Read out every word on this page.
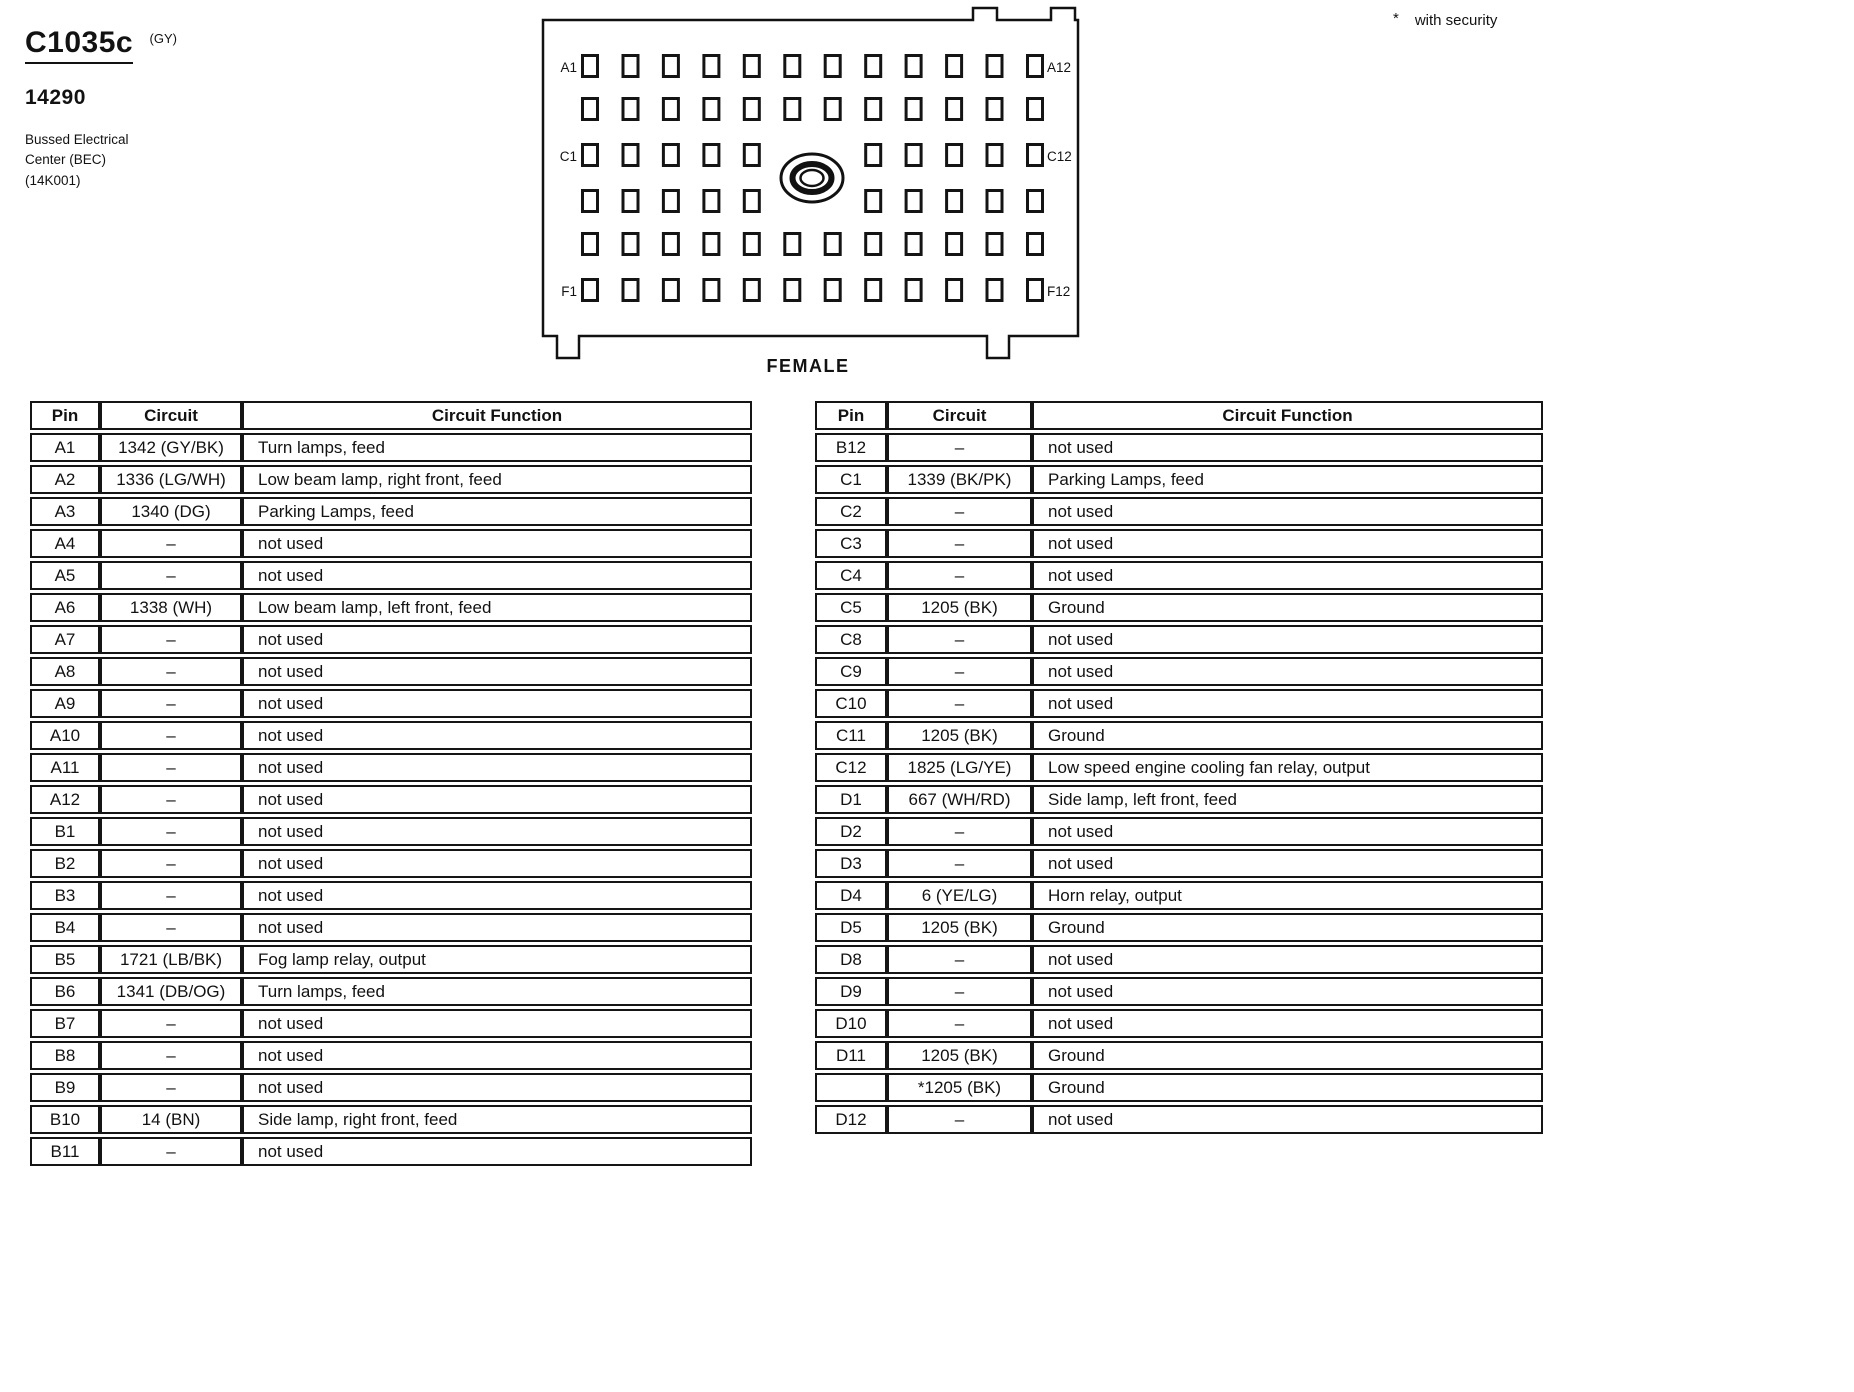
C1035c $^{(GY)}$
14290
Bussed Electrical
Center (BEC)
(14K001)
* with security
A1	A12
C1	C12
F1	F12
FEMALE
Pin	Circuit	Circuit Function
A1	1342 (GY/BK)	Turn lamps, feed
A2	1336 (LG/WH)	Low beam lamp, right front, feed
A3	1340 (DG)	Parking Lamps, feed
A4	–	not used
A5	–	not used
A6	1338 (WH)	Low beam lamp, left front, feed
A7	–	not used
A8	–	not used
A9	–	not used
A10	–	not used
A11	–	not used
A12	–	not used
B1	–	not used
B2	–	not used
B3	–	not used
B4	–	not used
B5	1721 (LB/BK)	Fog lamp relay, output
B6	1341 (DB/OG)	Turn lamps, feed
B7	–	not used
B8	–	not used
B9	–	not used
B10	14 (BN)	Side lamp, right front, feed
B11	–	not used
Pin	Circuit	Circuit Function
B12	–	not used
C1	1339 (BK/PK)	Parking Lamps, feed
C2	–	not used
C3	–	not used
C4	–	not used
C5	1205 (BK)	Ground
C8	–	not used
C9	–	not used
C10	–	not used
C11	1205 (BK)	Ground
C12	1825 (LG/YE)	Low speed engine cooling fan relay, output
D1	667 (WH/RD)	Side lamp, left front, feed
D2	–	not used
D3	–	not used
D4	6 (YE/LG)	Horn relay, output
D5	1205 (BK)	Ground
D8	–	not used
D9	–	not used
D10	–	not used
D11	1205 (BK)	Ground
	*1205 (BK)	Ground
D12	–	not used
